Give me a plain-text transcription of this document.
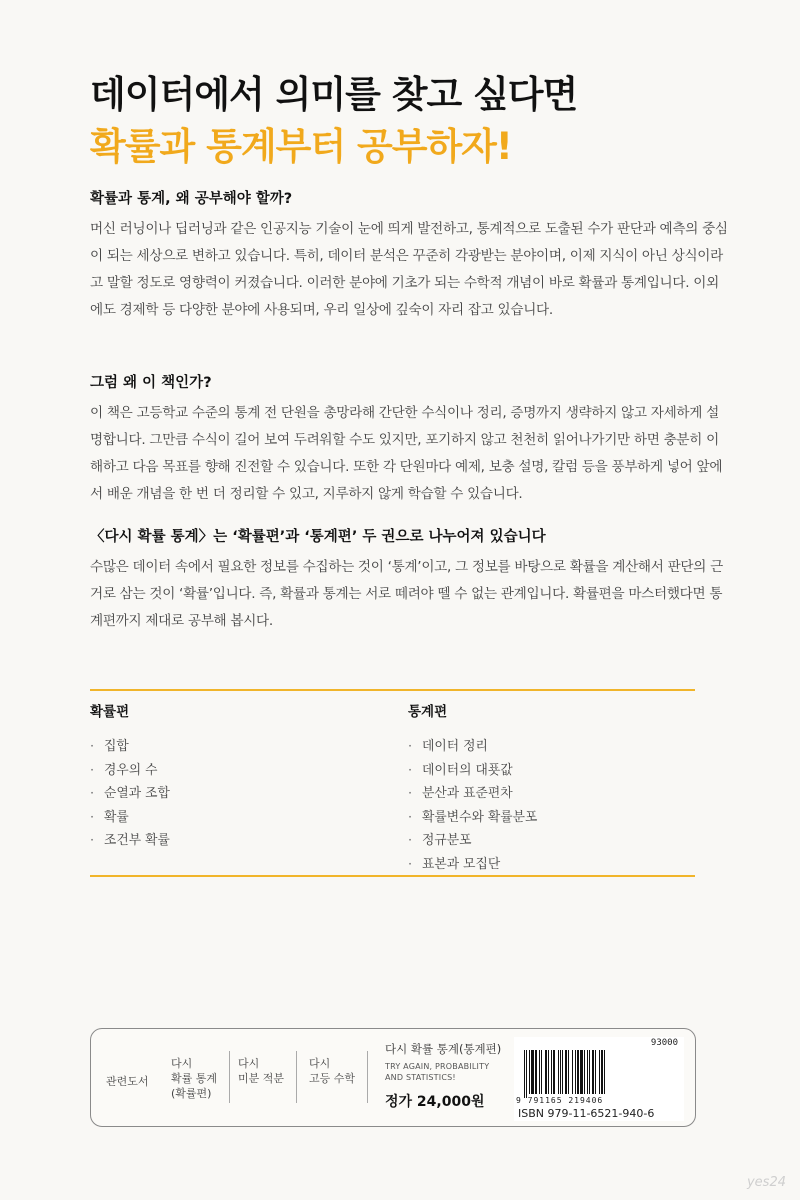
데이터에서 의미를 찾고 싶다면
확률과 통계부터 공부하자!
확률과 통계, 왜 공부해야 할까?
머신 러닝이나 딥러닝과 같은 인공지능 기술이 눈에 띄게 발전하고, 통계적으로 도출된 수가 판단과 예측의 중심이 되는 세상으로 변하고 있습니다. 특히, 데이터 분석은 꾸준히 각광받는 분야이며, 이제 지식이 아닌 상식이라고 말할 정도로 영향력이 커졌습니다. 이러한 분야에 기초가 되는 수학적 개념이 바로 확률과 통계입니다. 이외에도 경제학 등 다양한 분야에 사용되며, 우리 일상에 깊숙이 자리 잡고 있습니다.
그럼 왜 이 책인가?
이 책은 고등학교 수준의 통계 전 단원을 총망라해 간단한 수식이나 정리, 증명까지 생략하지 않고 자세하게 설명합니다. 그만큼 수식이 길어 보여 두려워할 수도 있지만, 포기하지 않고 천천히 읽어나가기만 하면 충분히 이해하고 다음 목표를 향해 진전할 수 있습니다. 또한 각 단원마다 예제, 보충 설명, 칼럼 등을 풍부하게 넣어 앞에서 배운 개념을 한 번 더 정리할 수 있고, 지루하지 않게 학습할 수 있습니다.
〈다시 확률 통계〉는 ‘확률편’과 ‘통계편’ 두 권으로 나누어져 있습니다
수많은 데이터 속에서 필요한 정보를 수집하는 것이 ‘통계’이고, 그 정보를 바탕으로 확률을 계산해서 판단의 근거로 삼는 것이 ‘확률’입니다. 즉, 확률과 통계는 서로 떼려야 뗄 수 없는 관계입니다. 확률편을 마스터했다면 통계편까지 제대로 공부해 봅시다.
확률편
· 집합
· 경우의 수
· 순열과 조합
· 확률
· 조건부 확률
통계편
· 데이터 정리
· 데이터의 대푯값
· 분산과 표준편차
· 확률변수와 확률분포
· 정규분포
· 표본과 모집단
관련도서
다시
확률 통계
(확률편)
다시
미분 적분
다시
고등 수학
다시 확률 통계(통계편)
TRY AGAIN, PROBABILITY
AND STATISTICS!
정가 24,000원
93000
9 791165 219406
ISBN 979-11-6521-940-6
yes24
